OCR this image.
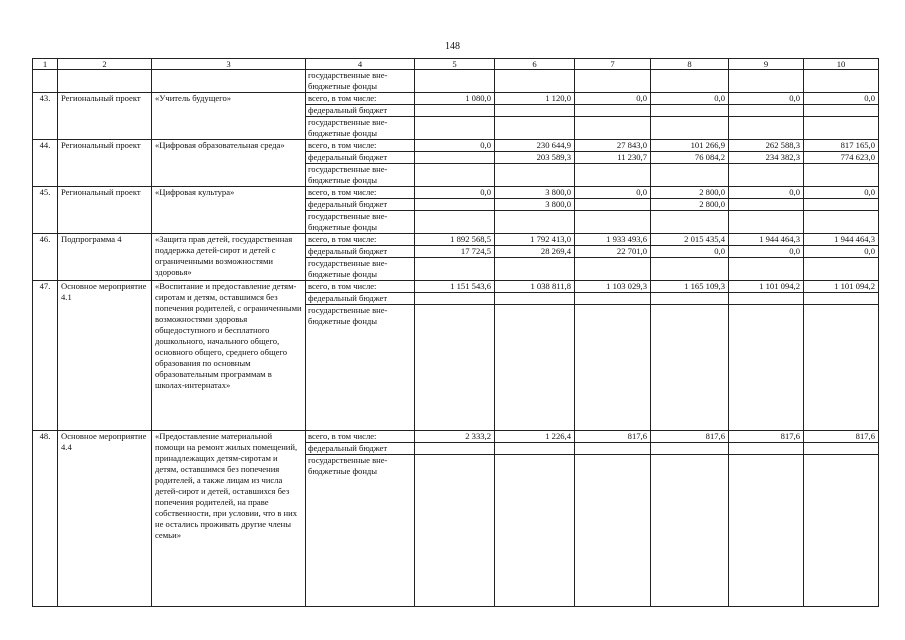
148
1	2	3	4	5	6	7	8	9	10
			государственные вне-бюджетные фонды						
43.	Региональный проект	«Учитель будущего»	всего, в том числе:	1 080,0	1 120,0	0,0	0,0	0,0	0,0
			федеральный бюджет						
			государственные вне-бюджетные фонды						
44.	Региональный проект	«Цифровая образовательная среда»	всего, в том числе:	0,0	230 644,9	27 843,0	101 266,9	262 588,3	817 165,0
			федеральный бюджет		203 589,3	11 230,7	76 084,2	234 382,3	774 623,0
			государственные вне-бюджетные фонды						
45.	Региональный проект	«Цифровая культура»	всего, в том числе:	0,0	3 800,0	0,0	2 800,0	0,0	0,0
			федеральный бюджет		3 800,0		2 800,0		
			государственные вне-бюджетные фонды						
46.	Подпрограмма 4	«Защита прав детей, государственная поддержка детей-сирот и детей с ограниченными возможностями здоровья»	всего, в том числе:	1 892 568,5	1 792 413,0	1 933 493,6	2 015 435,4	1 944 464,3	1 944 464,3
			федеральный бюджет	17 724,5	28 269,4	22 701,0	0,0	0,0	0,0
			государственные вне-бюджетные фонды						
47.	Основное мероприятие 4.1	«Воспитание и предоставление детям-сиротам и детям, оставшимся без попечения родителей, с ограниченными возможностями здоровья общедоступного и бесплатного дошкольного, начального общего, основного общего, среднего общего образования по основным образовательным программам в школах-интернатах»	всего, в том числе:	1 151 543,6	1 038 811,8	1 103 029,3	1 165 109,3	1 101 094,2	1 101 094,2
			федеральный бюджет						
			государственные вне-бюджетные фонды						
48.	Основное мероприятие 4.4	«Предоставление материальной помощи на ремонт жилых помещений, принадлежащих детям-сиротам и детям, оставшимся без попечения родителей, а также лицам из числа детей-сирот и детей, оставшихся без попечения родителей, на праве собственности, при условии, что в них не остались проживать другие члены семьи»	всего, в том числе:	2 333,2	1 226,4	817,6	817,6	817,6	817,6
			федеральный бюджет						
			государственные вне-бюджетные фонды						
